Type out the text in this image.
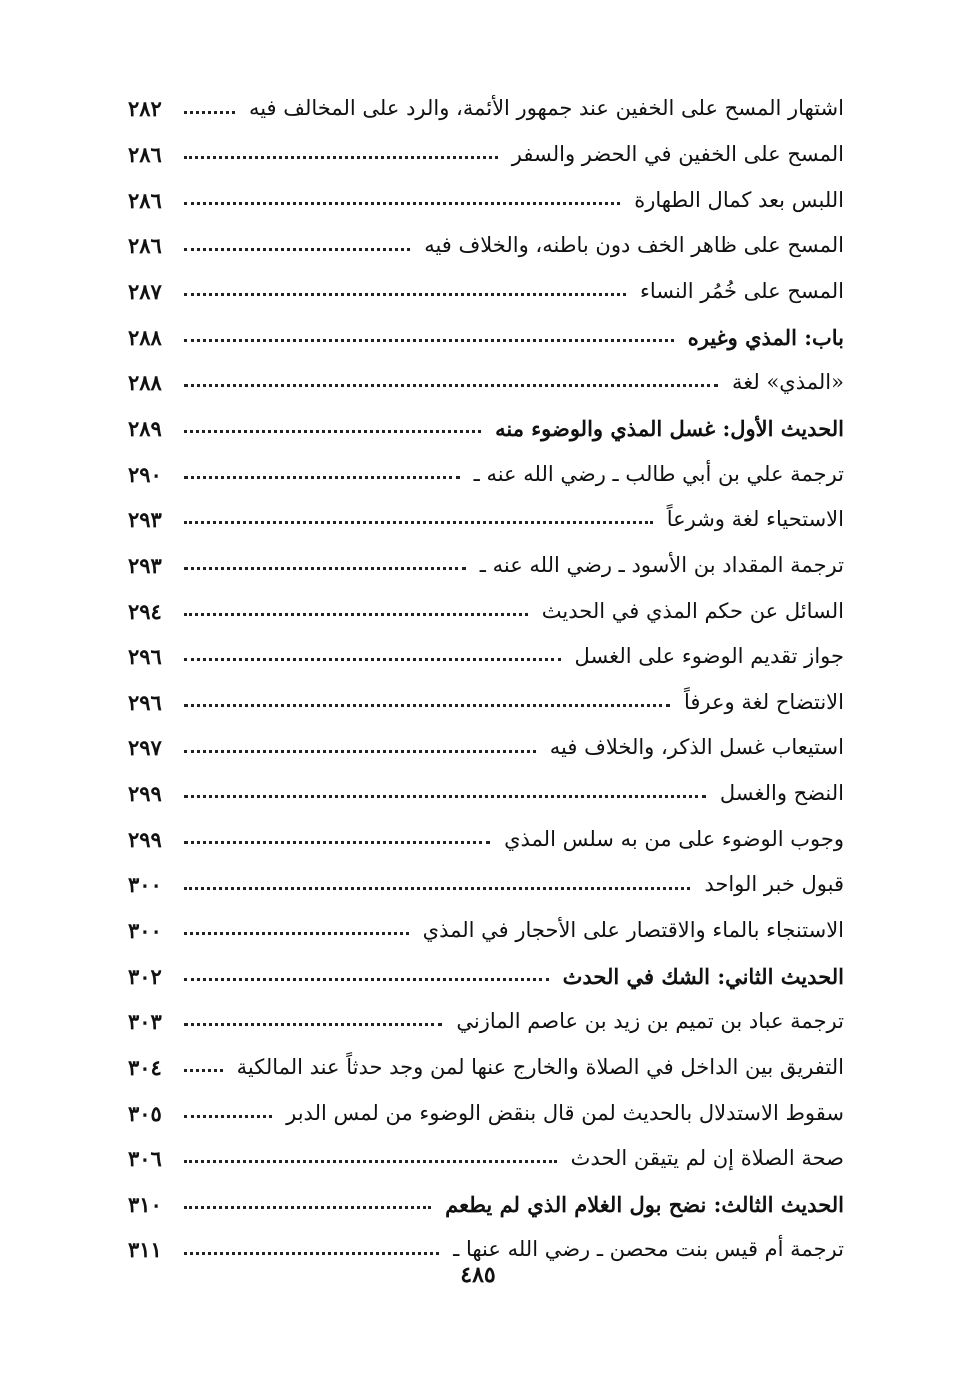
اشتهار المسح على الخفين عند جمهور الأئمة، والرد على المخالف فيه
٢٨٢
المسح على الخفين في الحضر والسفر
٢٨٦
اللبس بعد كمال الطهارة
٢٨٦
المسح على ظاهر الخف دون باطنه، والخلاف فيه
٢٨٦
المسح على خُمُر النساء
٢٨٧
باب: المذي وغيره
٢٨٨
«المذي» لغة
٢٨٨
الحديث الأول: غسل المذي والوضوء منه
٢٨٩
ترجمة علي بن أبي طالب ـ رضي الله عنه ـ
٢٩٠
الاستحياء لغة وشرعاً
٢٩٣
ترجمة المقداد بن الأسود ـ رضي الله عنه ـ
٢٩٣
السائل عن حكم المذي في الحديث
٢٩٤
جواز تقديم الوضوء على الغسل
٢٩٦
الانتضاح لغة وعرفاً
٢٩٦
استيعاب غسل الذكر، والخلاف فيه
٢٩٧
النضح والغسل
٢٩٩
وجوب الوضوء على من به سلس المذي
٢٩٩
قبول خبر الواحد
٣٠٠
الاستنجاء بالماء والاقتصار على الأحجار في المذي
٣٠٠
الحديث الثاني: الشك في الحدث
٣٠٢
ترجمة عباد بن تميم بن زيد بن عاصم المازني
٣٠٣
التفريق بين الداخل في الصلاة والخارج عنها لمن وجد حدثاً عند المالكية
٣٠٤
سقوط الاستدلال بالحديث لمن قال بنقض الوضوء من لمس الدبر
٣٠٥
صحة الصلاة إن لم يتيقن الحدث
٣٠٦
الحديث الثالث: نضح بول الغلام الذي لم يطعم
٣١٠
ترجمة أم قيس بنت محصن ـ رضي الله عنها ـ
٣١١
٤٨٥
